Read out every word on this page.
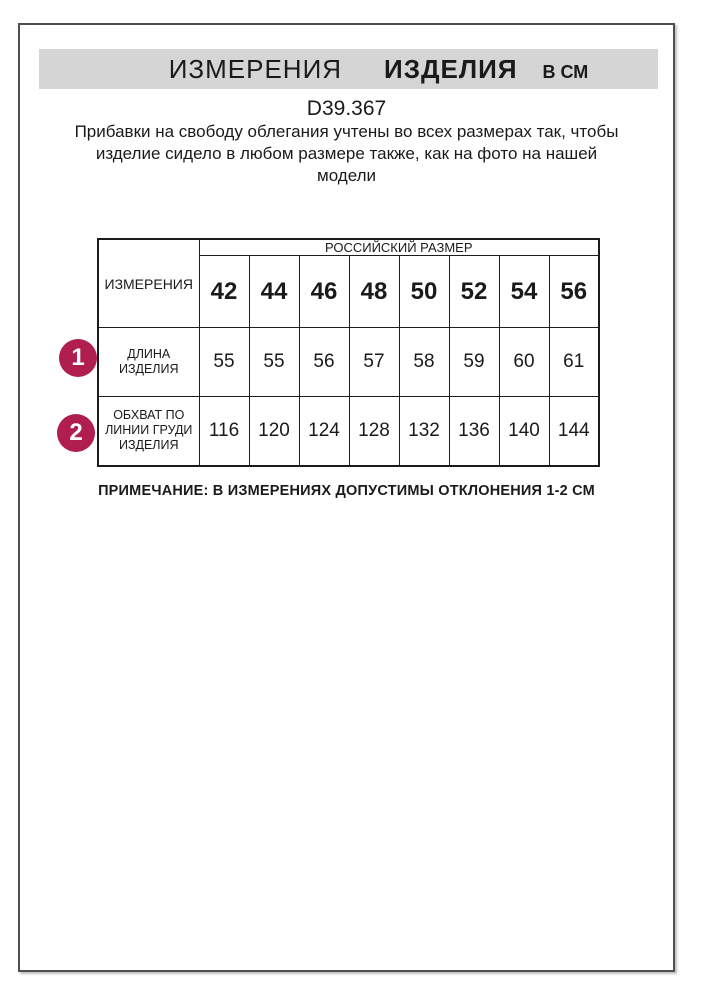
ИЗМЕРЕНИЯ ИЗДЕЛИЯ В СМ
D39.367
Прибавки на свободу облегания учтены во всех размерах так, чтобы
изделие сидело в любом размере также, как на фото на нашей
модели
ИЗМЕРЕНИЯ	РОССИЙСКИЙ РАЗМЕР							
	42	44	46	48	50	52	54	56

ДЛИНА
ИЗДЕЛИЯ	55	55	56	57	58	59	60	61

ОБХВАТ ПО
ЛИНИИ ГРУДИ
ИЗДЕЛИЯ	116	120	124	128	132	136	140	144
1
2
ПРИМЕЧАНИЕ: В ИЗМЕРЕНИЯХ ДОПУСТИМЫ ОТКЛОНЕНИЯ 1-2 СМ
